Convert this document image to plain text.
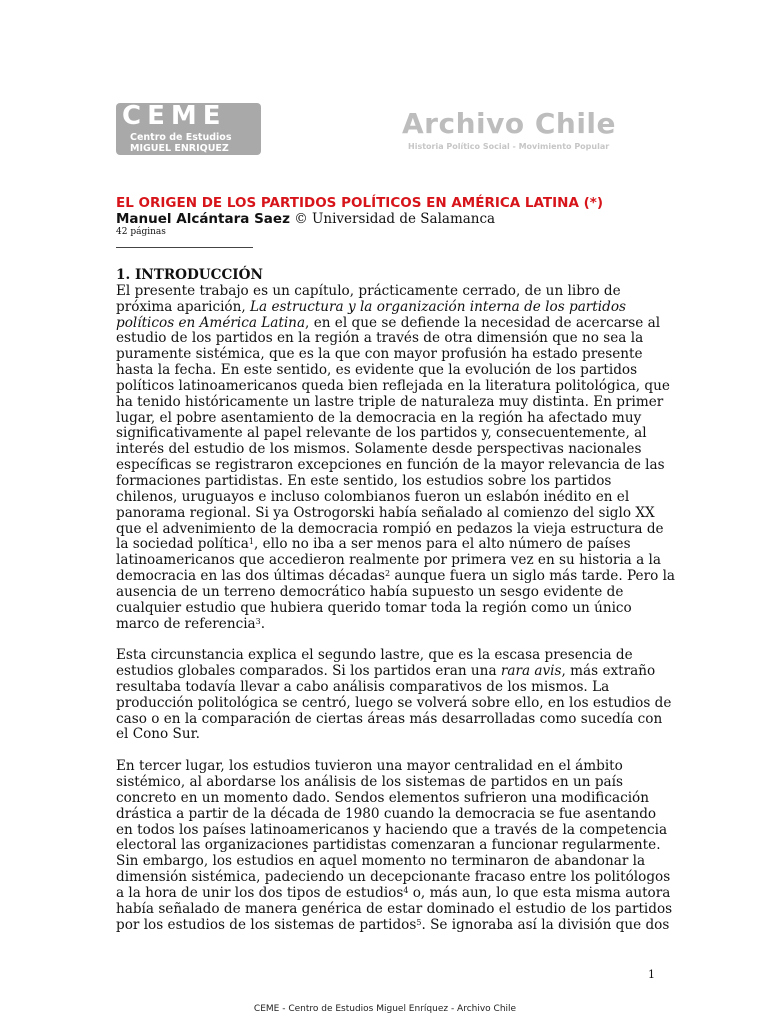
CEME
Centro de Estudios
MIGUEL ENRIQUEZ
Archivo Chile
Historia Político Social - Movimiento Popular
EL ORIGEN DE LOS PARTIDOS POLÍTICOS EN AMÉRICA LATINA (*)
Manuel Alcántara Saez © Universidad de Salamanca
42 páginas
1. INTRODUCCIÓN

El presente trabajo es un capítulo, prácticamente cerrado, de un libro de próxima aparición, La estructura y la organización interna de los partidos políticos en América Latina, en el que se defiende la necesidad de acercarse al estudio de los partidos en la región a través de otra dimensión que no sea la puramente sistémica, que es la que con mayor profusión ha estado presente hasta la fecha. En este sentido, es evidente que la evolución de los partidos políticos latinoamericanos queda bien reflejada en la literatura politológica, que ha tenido históricamente un lastre triple de naturaleza muy distinta. En primer lugar, el pobre asentamiento de la democracia en la región ha afectado muy significativamente al papel relevante de los partidos y, consecuentemente, al interés del estudio de los mismos. Solamente desde perspectivas nacionales específicas se registraron excepciones en función de la mayor relevancia de las formaciones partidistas. En este sentido, los estudios sobre los partidos chilenos, uruguayos e incluso colombianos fueron un eslabón inédito en el panorama regional. Si ya Ostrogorski había señalado al comienzo del siglo XX que el advenimiento de la democracia rompió en pedazos la vieja estructura de la sociedad política$^1$, ello no iba a ser menos para el alto número de países latinoamericanos que accedieron realmente por primera vez en su historia a la democracia en las dos últimas décadas$^2$ aunque fuera un siglo más tarde. Pero la ausencia de un terreno democrático había supuesto un sesgo evidente de cualquier estudio que hubiera querido tomar toda la región como un único marco de referencia$^3$.

Esta circunstancia explica el segundo lastre, que es la escasa presencia de estudios globales comparados. Si los partidos eran una rara avis, más extraño resultaba todavía llevar a cabo análisis comparativos de los mismos. La producción politológica se centró, luego se volverá sobre ello, en los estudios de caso o en la comparación de ciertas áreas más desarrolladas como sucedía con el Cono Sur.

En tercer lugar, los estudios tuvieron una mayor centralidad en el ámbito sistémico, al abordarse los análisis de los sistemas de partidos en un país concreto en un momento dado. Sendos elementos sufrieron una modificación drástica a partir de la década de 1980 cuando la democracia se fue asentando en todos los países latinoamericanos y haciendo que a través de la competencia electoral las organizaciones partidistas comenzaran a funcionar regularmente. Sin embargo, los estudios en aquel momento no terminaron de abandonar la dimensión sistémica, padeciendo un decepcionante fracaso entre los politólogos a la hora de unir los dos tipos de estudios$^4$ o, más aun, lo que esta misma autora había señalado de manera genérica de estar dominado el estudio de los partidos por los estudios de los sistemas de partidos$^5$. Se ignoraba así la división que dos

1
CEME - Centro de Estudios Miguel Enríquez - Archivo Chile
